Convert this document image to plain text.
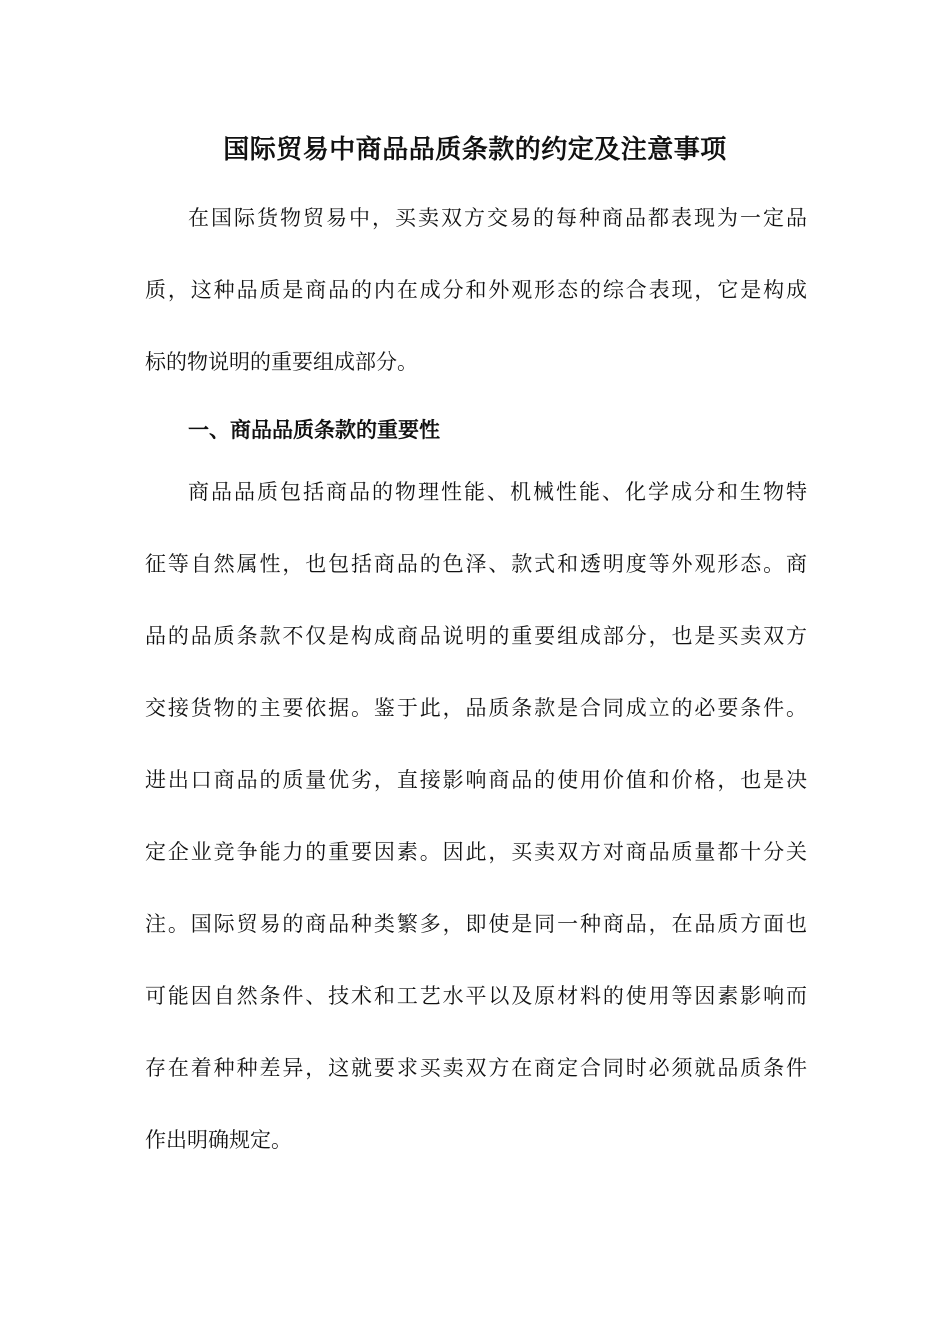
国际贸易中商品品质条款的约定及注意事项
在国际货物贸易中，买卖双方交易的每种商品都表现为一定品
质，这种品质是商品的内在成分和外观形态的综合表现，它是构成
标的物说明的重要组成部分。
一、商品品质条款的重要性
商品品质包括商品的物理性能、机械性能、化学成分和生物特
征等自然属性，也包括商品的色泽、款式和透明度等外观形态。商
品的品质条款不仅是构成商品说明的重要组成部分，也是买卖双方
交接货物的主要依据。鉴于此，品质条款是合同成立的必要条件。
进出口商品的质量优劣，直接影响商品的使用价值和价格，也是决
定企业竞争能力的重要因素。因此，买卖双方对商品质量都十分关
注。国际贸易的商品种类繁多，即使是同一种商品，在品质方面也
可能因自然条件、技术和工艺水平以及原材料的使用等因素影响而
存在着种种差异，这就要求买卖双方在商定合同时必须就品质条件
作出明确规定。
